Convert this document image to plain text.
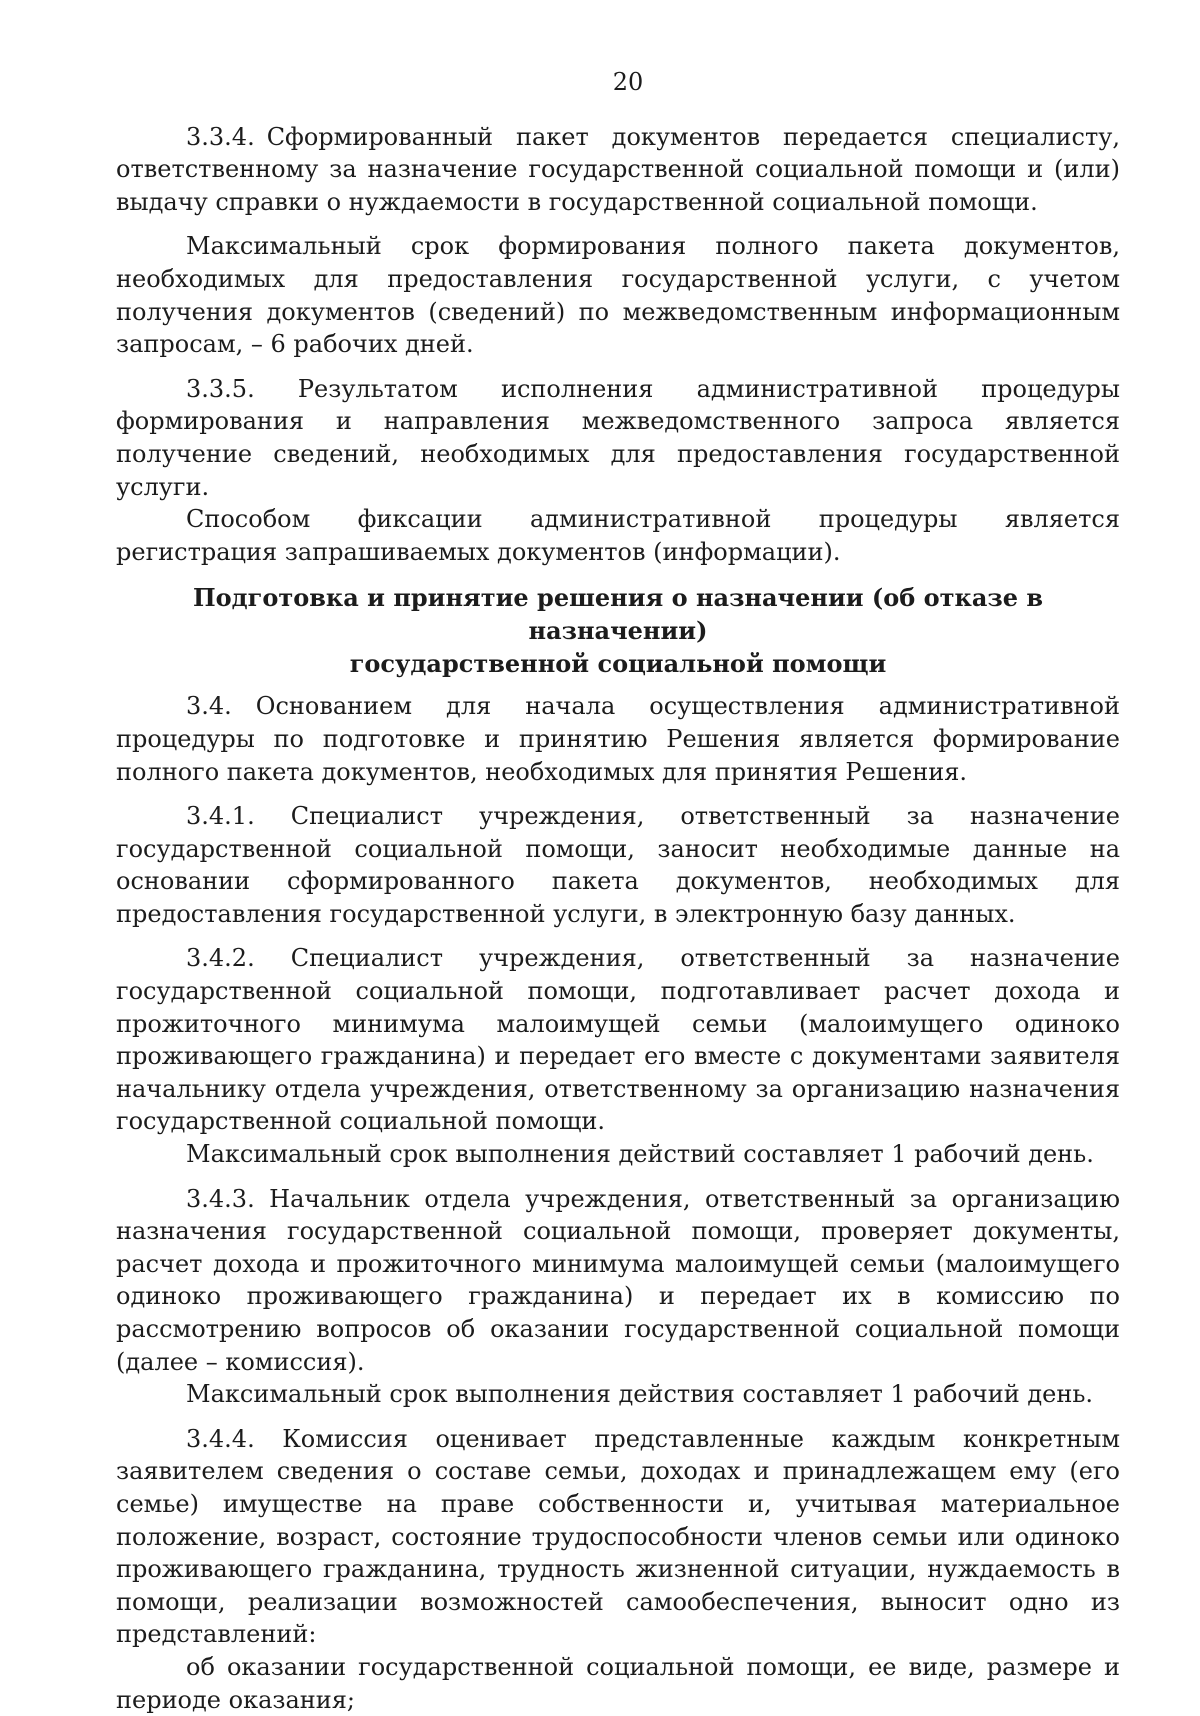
20

3.3.4. Сформированный пакет документов передается специалисту, ответственному за назначение государственной социальной помощи и (или) выдачу справки о нуждаемости в государственной социальной помощи.

Максимальный срок формирования полного пакета документов, необходимых для предоставления государственной услуги, с учетом получения документов (сведений) по межведомственным информационным запросам, – 6 рабочих дней.

3.3.5. Результатом исполнения административной процедуры формирования и направления межведомственного запроса является получение сведений, необходимых для предоставления государственной услуги.

Способом фиксации административной процедуры является регистрация запрашиваемых документов (информации).

Подготовка и принятие решения о назначении (об отказе в назначении)
государственной социальной помощи

3.4. Основанием для начала осуществления административной процедуры по подготовке и принятию Решения является формирование полного пакета документов, необходимых для принятия Решения.

3.4.1. Специалист учреждения, ответственный за назначение государственной социальной помощи, заносит необходимые данные на основании сформированного пакета документов, необходимых для предоставления государственной услуги, в электронную базу данных.

3.4.2. Специалист учреждения, ответственный за назначение государственной социальной помощи, подготавливает расчет дохода и прожиточного минимума малоимущей семьи (малоимущего одиноко проживающего гражданина) и передает его вместе с документами заявителя начальнику отдела учреждения, ответственному за организацию назначения государственной социальной помощи.

Максимальный срок выполнения действий составляет 1 рабочий день.

3.4.3. Начальник отдела учреждения, ответственный за организацию назначения государственной социальной помощи, проверяет документы, расчет дохода и прожиточного минимума малоимущей семьи (малоимущего одиноко проживающего гражданина) и передает их в комиссию по рассмотрению вопросов об оказании государственной социальной помощи (далее – комиссия).

Максимальный срок выполнения действия составляет 1 рабочий день.

3.4.4. Комиссия оценивает представленные каждым конкретным заявителем сведения о составе семьи, доходах и принадлежащем ему (его семье) имуществе на праве собственности и, учитывая материальное положение, возраст, состояние трудоспособности членов семьи или одиноко проживающего гражданина, трудность жизненной ситуации, нуждаемость в помощи, реализации возможностей самообеспечения, выносит одно из представлений:

об оказании государственной социальной помощи, ее виде, размере и периоде оказания;
